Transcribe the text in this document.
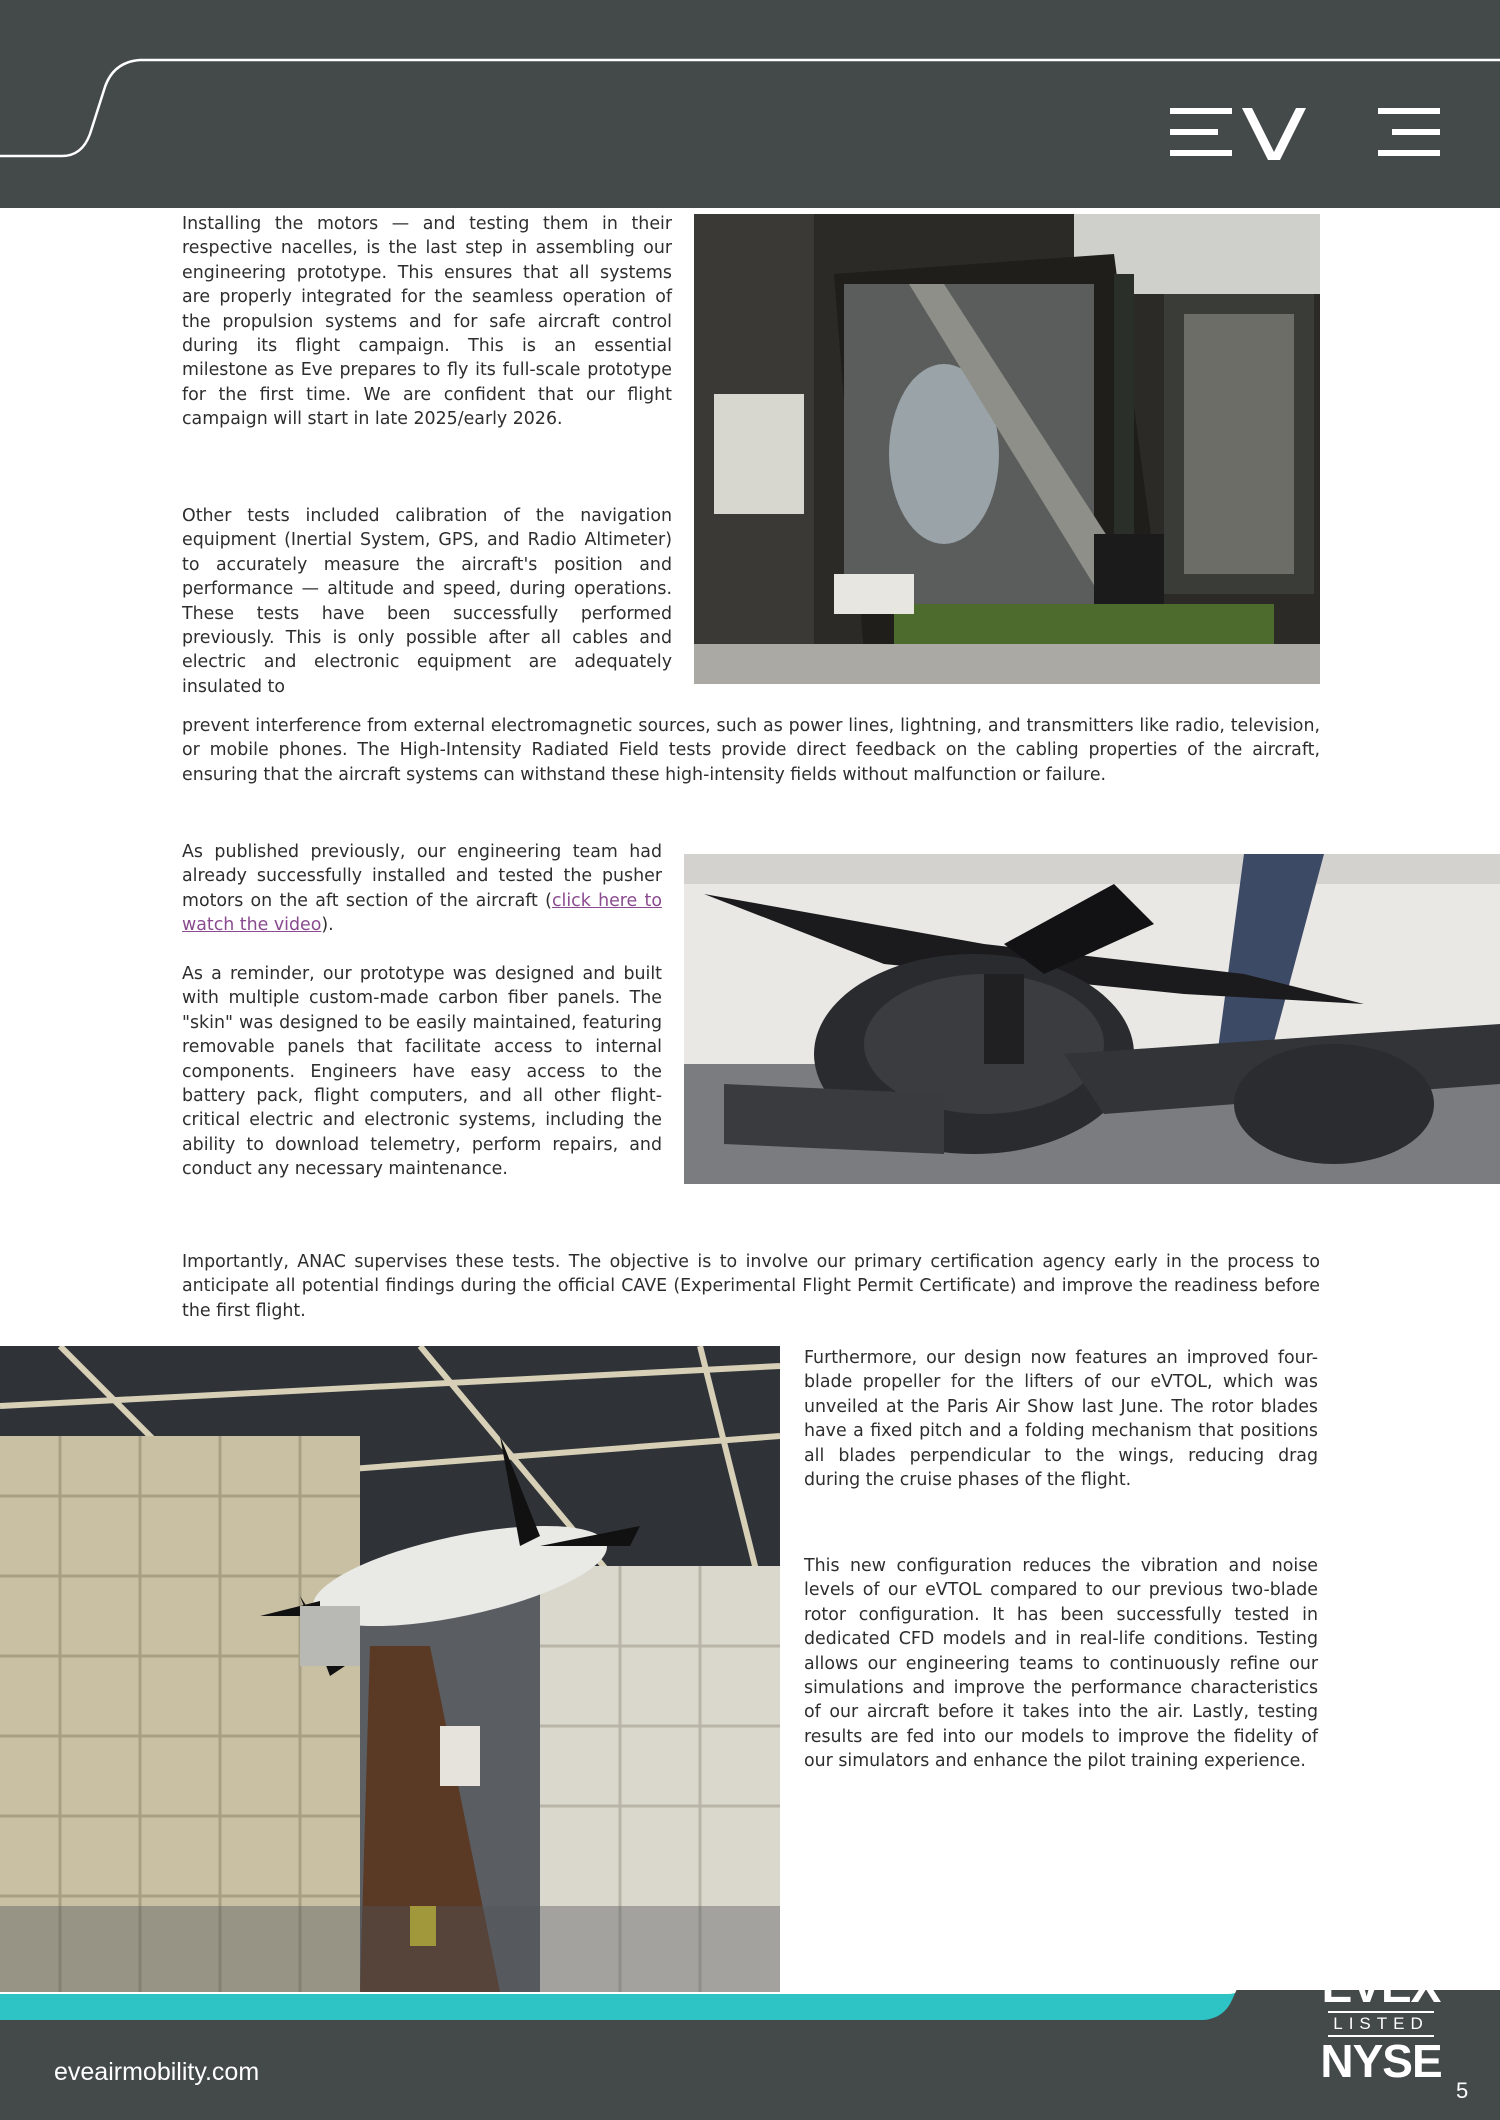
Installing the motors — and testing them in their respective nacelles, is the last step in assembling our engineering prototype. This ensures that all systems are properly integrated for the seamless operation of the propulsion systems and for safe aircraft control during its flight campaign. This is an essential milestone as Eve prepares to fly its full-scale prototype for the first time. We are confident that our flight campaign will start in late 2025/early 2026.

Other tests included calibration of the navigation equipment (Inertial System, GPS, and Radio Altimeter) to accurately measure the aircraft's position and performance — altitude and speed, during operations. These tests have been successfully performed previously. This is only possible after all cables and electric and electronic equipment are adequately insulated to

prevent interference from external electromagnetic sources, such as power lines, lightning, and transmitters like radio, television, or mobile phones. The High-Intensity Radiated Field tests provide direct feedback on the cabling properties of the aircraft, ensuring that the aircraft systems can withstand these high-intensity fields without malfunction or failure.

As published previously, our engineering team had already successfully installed and tested the pusher motors on the aft section of the aircraft (click here to watch the video).

As a reminder, our prototype was designed and built with multiple custom-made carbon fiber panels. The "skin" was designed to be easily maintained, featuring removable panels that facilitate access to internal components. Engineers have easy access to the battery pack, flight computers, and all other flight-critical electric and electronic systems, including the ability to download telemetry, perform repairs, and conduct any necessary maintenance.

Importantly, ANAC supervises these tests. The objective is to involve our primary certification agency early in the process to anticipate all potential findings during the official CAVE (Experimental Flight Permit Certificate) and improve the readiness before the first flight.

Furthermore, our design now features an improved four-blade propeller for the lifters of our eVTOL, which was unveiled at the Paris Air Show last June. The rotor blades have a fixed pitch and a folding mechanism that positions all blades perpendicular to the wings, reducing drag during the cruise phases of the flight.

This new configuration reduces the vibration and noise levels of our eVTOL compared to our previous two-blade rotor configuration. It has been successfully tested in dedicated CFD models and in real-life conditions. Testing allows our engineering teams to continuously refine our simulations and improve the performance characteristics of our aircraft before it takes into the air. Lastly, testing results are fed into our models to improve the fidelity of our simulators and enhance the pilot training experience.

eveairmobility.com
EVEX
LISTED
NYSE
5
